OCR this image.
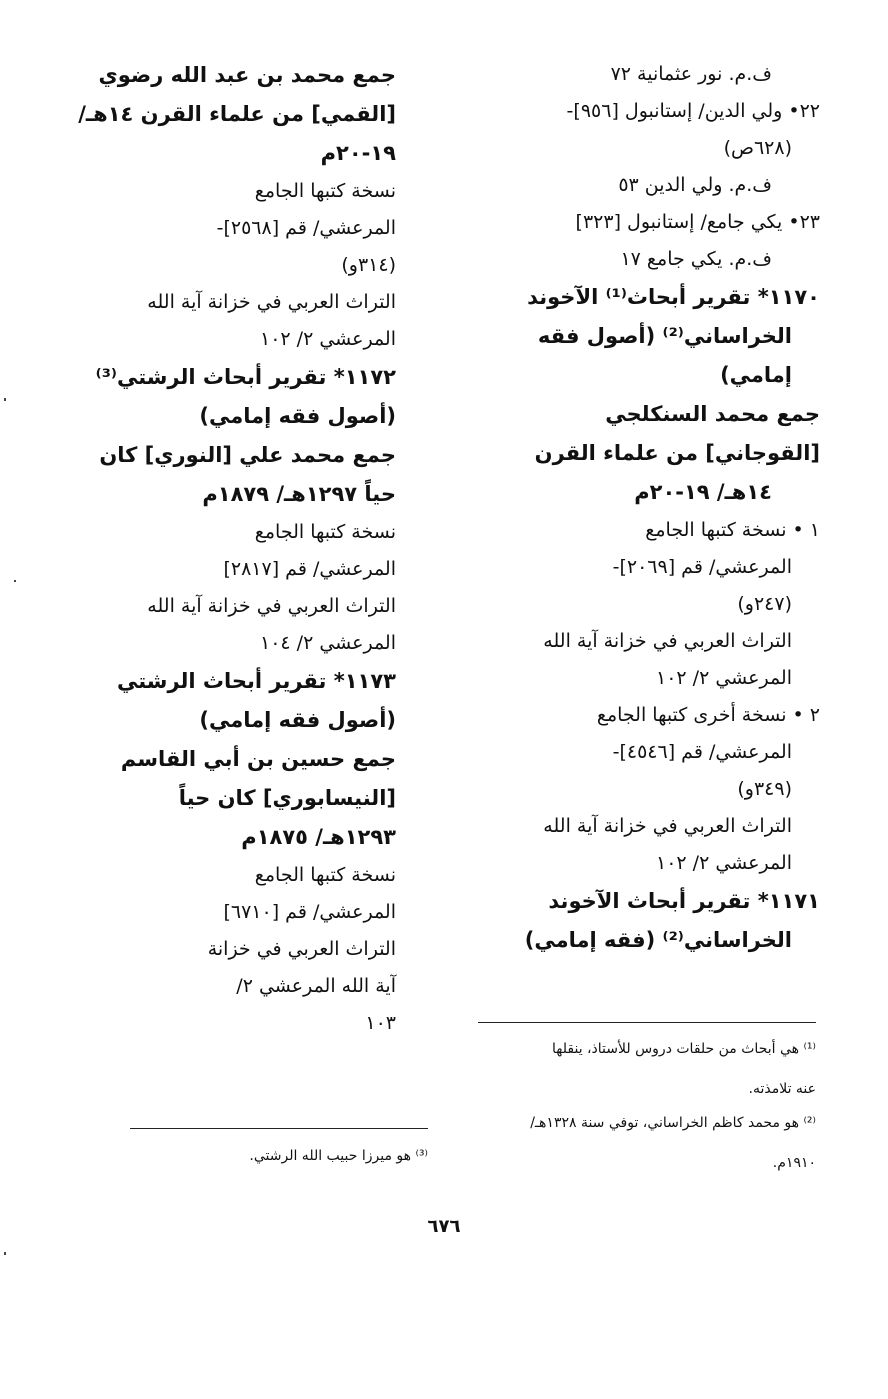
ف.م. نور عثمانية ٧٢
٢٢• ولي الدين/ إستانبول [٩٥٦]-
(٦٢٨ص)
ف.م. ولي الدين ٥٣
٢٣• يكي جامع/ إستانبول [٣٢٣]
ف.م. يكي جامع ١٧
١١٧٠* تقرير أبحاث⁽¹⁾ الآخوند
الخراساني⁽²⁾ (أصول فقه
إمامي)
جمع محمد السنكلجي
[القوجاني] من علماء القرن
١٤هـ/ ١٩-٢٠م
١ • نسخة كتبها الجامع
المرعشي/ قم [٢٠٦٩]-
(٢٤٧و)
التراث العربي في خزانة آية الله
المرعشي ٢/ ١٠٢
٢ • نسخة أخرى كتبها الجامع
المرعشي/ قم [٤٥٤٦]-
(٣٤٩و)
التراث العربي في خزانة آية الله
المرعشي ٢/ ١٠٢
١١٧١* تقرير أبحاث الآخوند
الخراساني⁽²⁾ (فقه إمامي)
جمع محمد بن عبد الله رضوي
[القمي] من علماء القرن ١٤هـ/
١٩-٢٠م
نسخة كتبها الجامع
المرعشي/ قم [٢٥٦٨]-
(٣١٤و)
التراث العربي في خزانة آية الله
المرعشي ٢/ ١٠٢
١١٧٢* تقرير أبحاث الرشتي⁽³⁾
(أصول فقه إمامي)
جمع محمد علي [النوري] كان
حياً ١٢٩٧هـ/ ١٨٧٩م
نسخة كتبها الجامع
المرعشي/ قم [٢٨١٧]
التراث العربي في خزانة آية الله
المرعشي ٢/ ١٠٤
١١٧٣* تقرير أبحاث الرشتي
(أصول فقه إمامي)
جمع حسين بن أبي القاسم
[النيسابوري] كان حياً
١٢٩٣هـ/ ١٨٧٥م
نسخة كتبها الجامع
المرعشي/ قم [٦٧١٠]
التراث العربي في خزانة
آية الله المرعشي ٢/
١٠٣
⁽¹⁾ هي أبحاث من حلقات دروس للأستاذ، ينقلها
عنه تلامذته.
⁽²⁾ هو محمد كاظم الخراساني، توفي سنة ١٣٢٨هـ/
١٩١٠م.
⁽³⁾ هو ميرزا حبيب الله الرشتي.
٦٧٦
